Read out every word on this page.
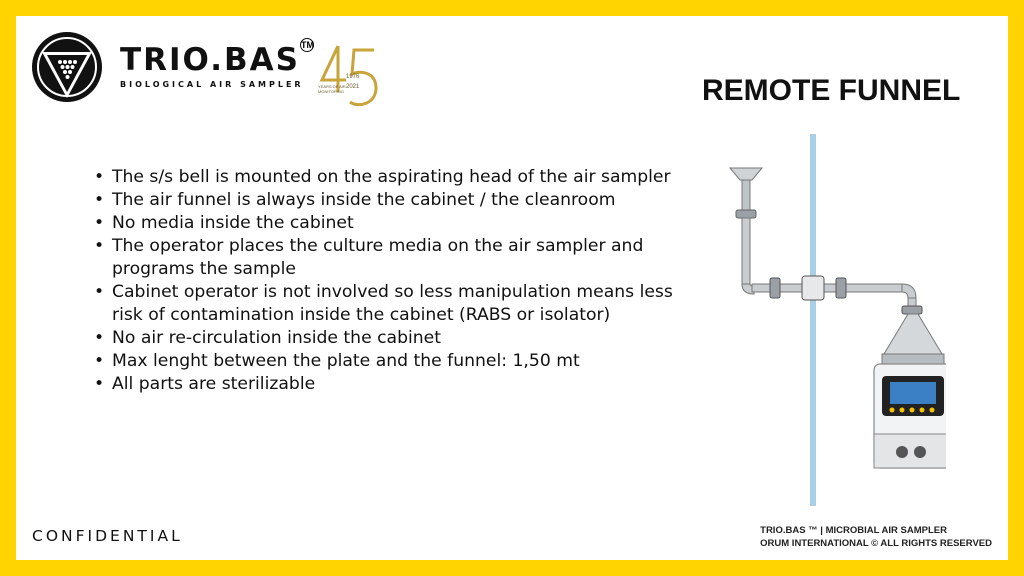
TRIO.BAS TM
BIOLOGICAL AIR SAMPLER	YEARS OF AIR
MONITORING
1976
2021	REMOTE FUNNEL
• The s/s bell is mounted on the aspirating head of the air sampler
• The air funnel is always inside the cabinet / the cleanroom
• No media inside the cabinet
• The operator places the culture media on the air sampler and programs the sample
• Cabinet operator is not involved so less manipulation means less risk of contamination inside the cabinet (RABS or isolator)
• No air re-circulation inside the cabinet
• Max lenght between the plate and the funnel: 1,50 mt
• All parts are sterilizable
CONFIDENTIAL	TRIO.BAS ™ | MICROBIAL AIR SAMPLER
ORUM INTERNATIONAL © ALL RIGHTS RESERVED
